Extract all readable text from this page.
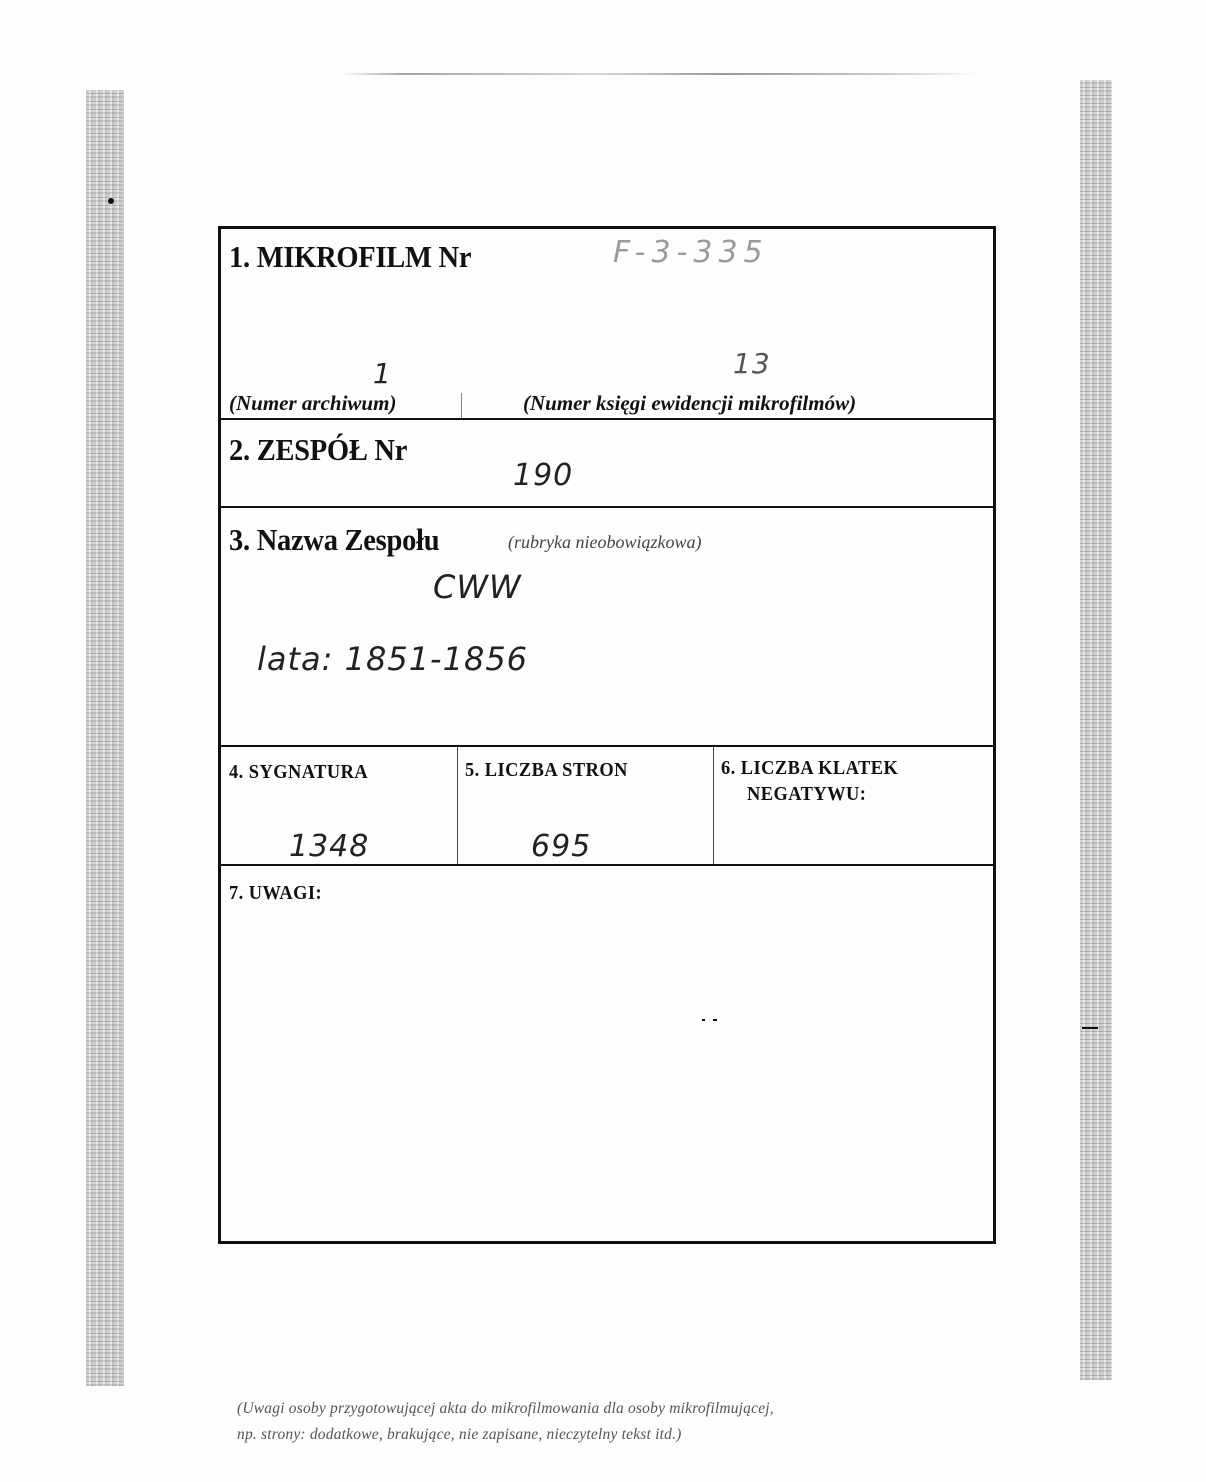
1. MIKROFILM Nr	F-3-335
1	13
(Numer archiwum)	(Numer księgi ewidencji mikrofilmów)
2. ZESPÓŁ Nr
190
3. Nazwa Zespołu	(rubryka nieobowiązkowa)
CWW
lata: 1851-1856
4. SYGNATURA
1348
5. LICZBA STRON
695
6. LICZBA KLATEK
NEGATYWU:
7. UWAGI:
(Uwagi osoby przygotowującej akta do mikrofilmowania dla osoby mikrofilmującej,
np. strony: dodatkowe, brakujące, nie zapisane, nieczytelny tekst itd.)
